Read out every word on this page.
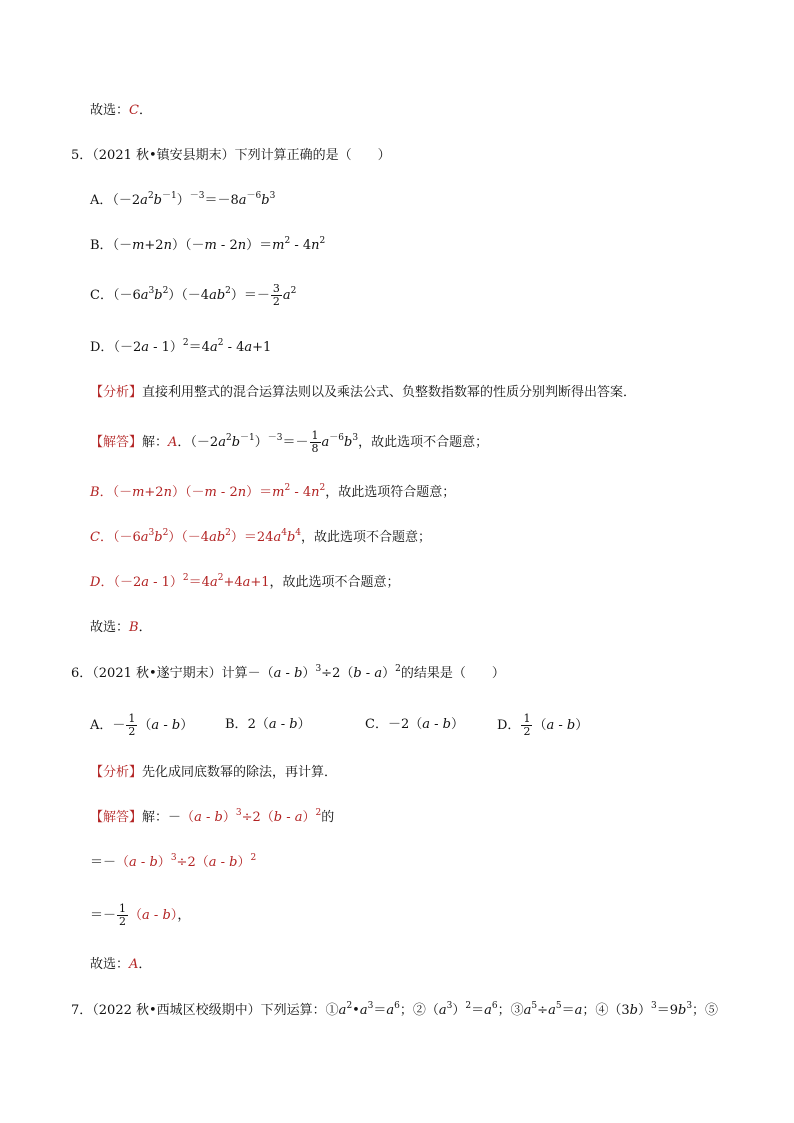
故选：C．
5．（2021 秋•镇安县期末）下列计算正确的是（　　）
A．$(-2a^2b^{-1})^{-3}=-8a^{-6}b^3$
B．$(-m+2n)(-m - 2n)=m^2 - 4n^2$
C．$(-6a^3b^2)(-4ab^2)=- \frac{3}{2} a^2$
D．$(-2a - 1)^2=4a^2 - 4a+1$
【分析】直接利用整式的混合运算法则以及乘法公式、负整数指数幂的性质分别判断得出答案．
【解答】解：A．$(-2a^2b^{-1})^{-3}=- \frac{1}{8} a^{-6}b^3$，故此选项不合题意；
B．$(-m+2n)(-m - 2n)=m^2 - 4n^2$，故此选项符合题意；
C．$(-6a^3b^2)(-4ab^2)=24a^4b^4$，故此选项不合题意；
D．$(-2a - 1)^2=4a^2+4a+1$，故此选项不合题意；
故选：B．
6．（2021 秋•遂宁期末）计算－（a - b）$^3$÷2（b - a）$^2$的结果是（　　）
A．－ $\frac{1}{2} (a - b)$ B．2（a - b）	C．－2（a - b）	D． $\frac{1}{2} (a - b)$
【分析】先化成同底数幂的除法，再计算．
【解答】解：－（a - b）$^3$÷2（b - a）$^2$的
＝－（a - b）$^3$÷2（a - b）$^2$
＝－ $\frac{1}{2} (a - b)$，
故选：A．
7．（2022 秋•西城区校级期中）下列运算：$①a^2•a^3=a^6$；$②(a^3)^2=a^6$；$③a^5\div a^5=a$；$④(3b)^3=9b^3$；⑤
